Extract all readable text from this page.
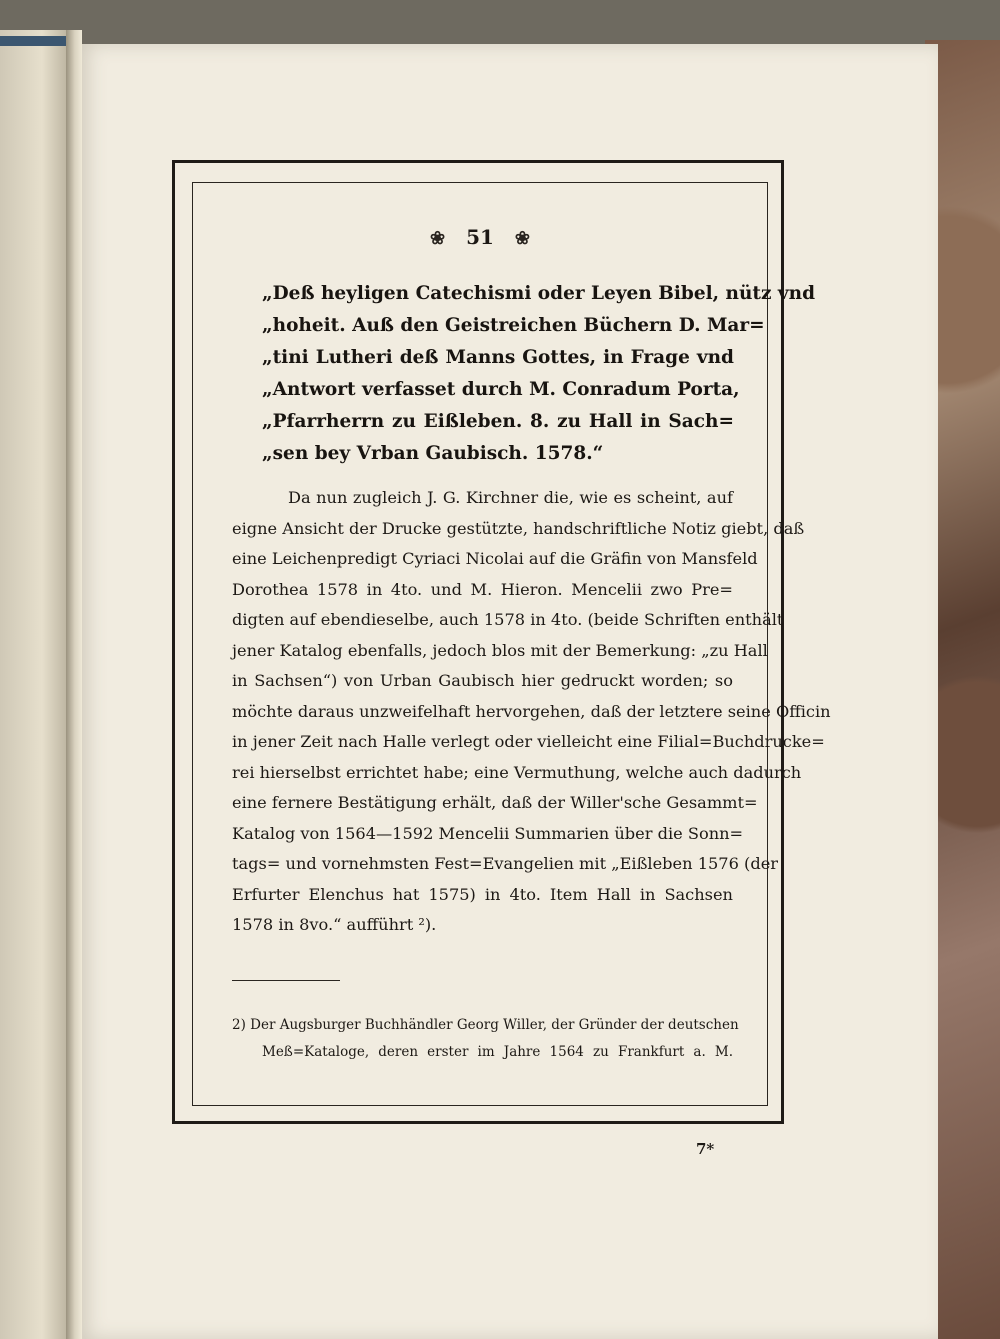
❀ 51 ❀
„Deß heyligen Catechismi oder Leyen Bibel, nütz vnd
„hoheit. Auß den Geistreichen Büchern D. Mar=
„tini Lutheri deß Manns Gottes, in Frage vnd
„Antwort verfasset durch M. Conradum Porta,
„Pfarrherrn zu Eißleben. 8. zu Hall in Sach=
„sen bey Vrban Gaubisch. 1578.“
Da nun zugleich J. G. Kirchner die, wie es scheint, auf
eigne Ansicht der Drucke gestützte, handschriftliche Notiz giebt, daß
eine Leichenpredigt Cyriaci Nicolai auf die Gräfin von Mansfeld
Dorothea 1578 in 4to. und M. Hieron. Mencelii zwo Pre=
digten auf ebendieselbe, auch 1578 in 4to. (beide Schriften enthält
jener Katalog ebenfalls, jedoch blos mit der Bemerkung: „zu Hall
in Sachsen“) von Urban Gaubisch hier gedruckt worden; so
möchte daraus unzweifelhaft hervorgehen, daß der letztere seine Officin
in jener Zeit nach Halle verlegt oder vielleicht eine Filial=Buchdrucke=
rei hierselbst errichtet habe; eine Vermuthung, welche auch dadurch
eine fernere Bestätigung erhält, daß der Willer'sche Gesammt=
Katalog von 1564—1592 Mencelii Summarien über die Sonn=
tags= und vornehmsten Fest=Evangelien mit „Eißleben 1576 (der
Erfurter Elenchus hat 1575) in 4to. Item Hall in Sachsen
1578 in 8vo.“ aufführt ²).
2) Der Augsburger Buchhändler Georg Willer, der Gründer der deutschen
Meß=Kataloge, deren erster im Jahre 1564 zu Frankfurt a. M.
7*
